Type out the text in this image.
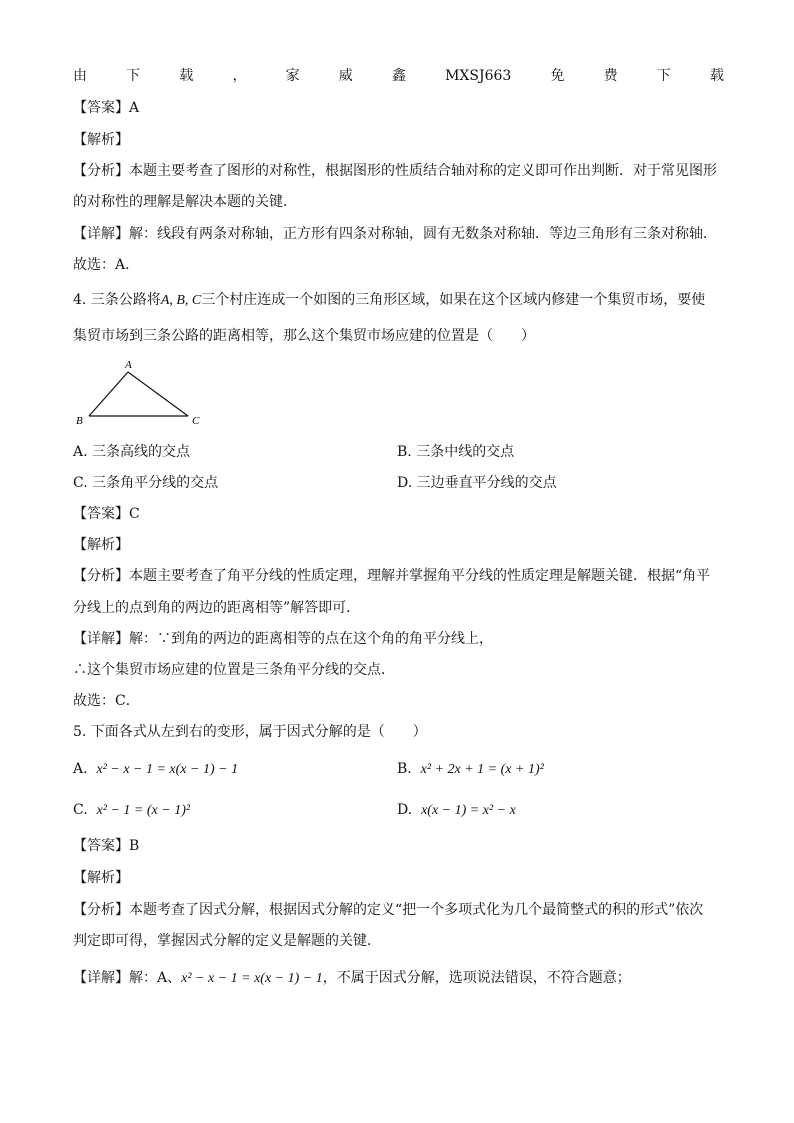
由	下	载	，	家	威	鑫	MXSJ663	免	费	下	载
【答案】A
【解析】
【分析】本题主要考查了图形的对称性，根据图形的性质结合轴对称的定义即可作出判断．对于常见图形
的对称性的理解是解决本题的关键．
【详解】解：线段有两条对称轴，正方形有四条对称轴，圆有无数条对称轴．等边三角形有三条对称轴．
故选：A．
4. 三条公路将A, B, C三个村庄连成一个如图的三角形区域，如果在这个区域内修建一个集贸市场，要使
集贸市场到三条公路的距离相等，那么这个集贸市场应建的位置是（　　）
A
B	C
A. 三条高线的交点	B. 三条中线的交点
C. 三条角平分线的交点	D. 三边垂直平分线的交点
【答案】C
【解析】
【分析】本题主要考查了角平分线的性质定理，理解并掌握角平分线的性质定理是解题关键．根据“角平
分线上的点到角的两边的距离相等”解答即可．
【详解】解：∵到角的两边的距离相等的点在这个角的角平分线上，
∴这个集贸市场应建的位置是三条角平分线的交点．
故选：C．
5. 下面各式从左到右的变形，属于因式分解的是（　　）
A. x² − x − 1 = x(x − 1) − 1	B. x² + 2x + 1 = (x + 1)²
C. x² − 1 = (x − 1)²	D. x(x − 1) = x² − x
【答案】B
【解析】
【分析】本题考查了因式分解，根据因式分解的定义“把一个多项式化为几个最简整式的积的形式”依次
判定即可得，掌握因式分解的定义是解题的关键．
【详解】解：A、x² − x − 1 = x(x − 1) − 1，不属于因式分解，选项说法错误，不符合题意；
